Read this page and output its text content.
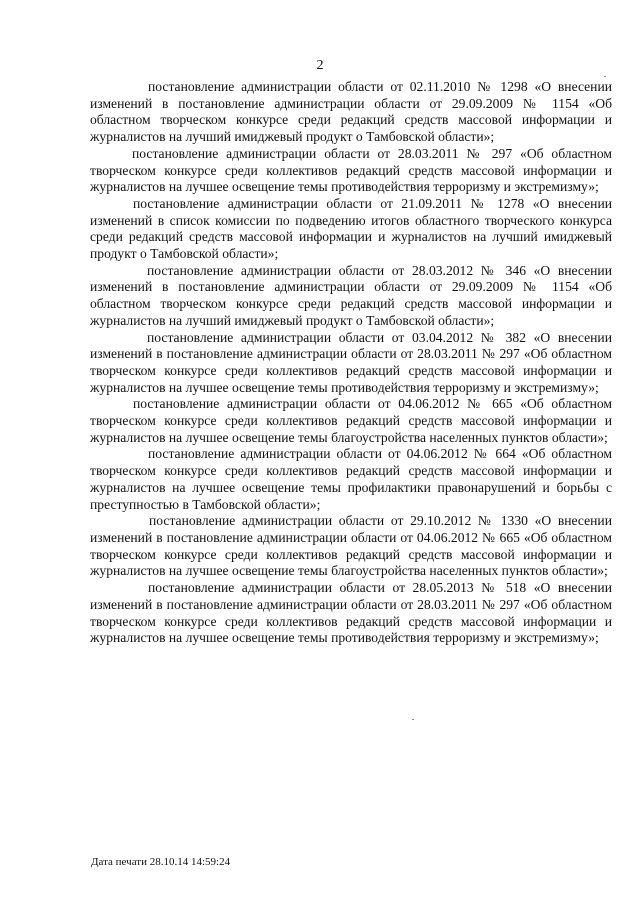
2

постановление администрации области от 02.11.2010 № 1298 «О внесении изменений в постановление администрации области от 29.09.2009 № 1154 «Об областном творческом конкурсе среди редакций средств массовой информации и журналистов на лучший имиджевый продукт о Тамбовской области»;

постановление администрации области от 28.03.2011 № 297 «Об областном творческом конкурсе среди коллективов редакций средств массовой информации и журналистов на лучшее освещение темы противодействия терроризму и экстремизму»;

постановление администрации области от 21.09.2011 № 1278 «О внесении изменений в список комиссии по подведению итогов областного творческого конкурса среди редакций средств массовой информации и журналистов на лучший имиджевый продукт о Тамбовской области»;

постановление администрации области от 28.03.2012 № 346 «О внесении изменений в постановление администрации области от 29.09.2009 № 1154 «Об областном творческом конкурсе среди редакций средств массовой информации и журналистов на лучший имиджевый продукт о Тамбовской области»;

постановление администрации области от 03.04.2012 № 382 «О внесении изменений в постановление администрации области от 28.03.2011 № 297 «Об областном творческом конкурсе среди коллективов редакций средств массовой информации и журналистов на лучшее освещение темы противодействия терроризму и экстремизму»;

постановление администрации области от 04.06.2012 № 665 «Об областном творческом конкурсе среди коллективов редакций средств массовой информации и журналистов на лучшее освещение темы благоустройства населенных пунктов области»;

постановление администрации области от 04.06.2012 № 664 «Об областном творческом конкурсе среди коллективов редакций средств массовой информации и журналистов на лучшее освещение темы профилактики правонарушений и борьбы с преступностью в Тамбовской области»;

постановление администрации области от 29.10.2012 № 1330 «О внесении изменений в постановление администрации области от 04.06.2012 № 665 «Об областном творческом конкурсе среди коллективов редакций средств массовой информации и журналистов на лучшее освещение темы благоустройства населенных пунктов области»;

постановление администрации области от 28.05.2013 № 518 «О внесении изменений в постановление администрации области от 28.03.2011 № 297 «Об областном творческом конкурсе среди коллективов редакций средств массовой информации и журналистов на лучшее освещение темы противодействия терроризму и экстремизму»;

Дата печати 28.10.14 14:59:24
